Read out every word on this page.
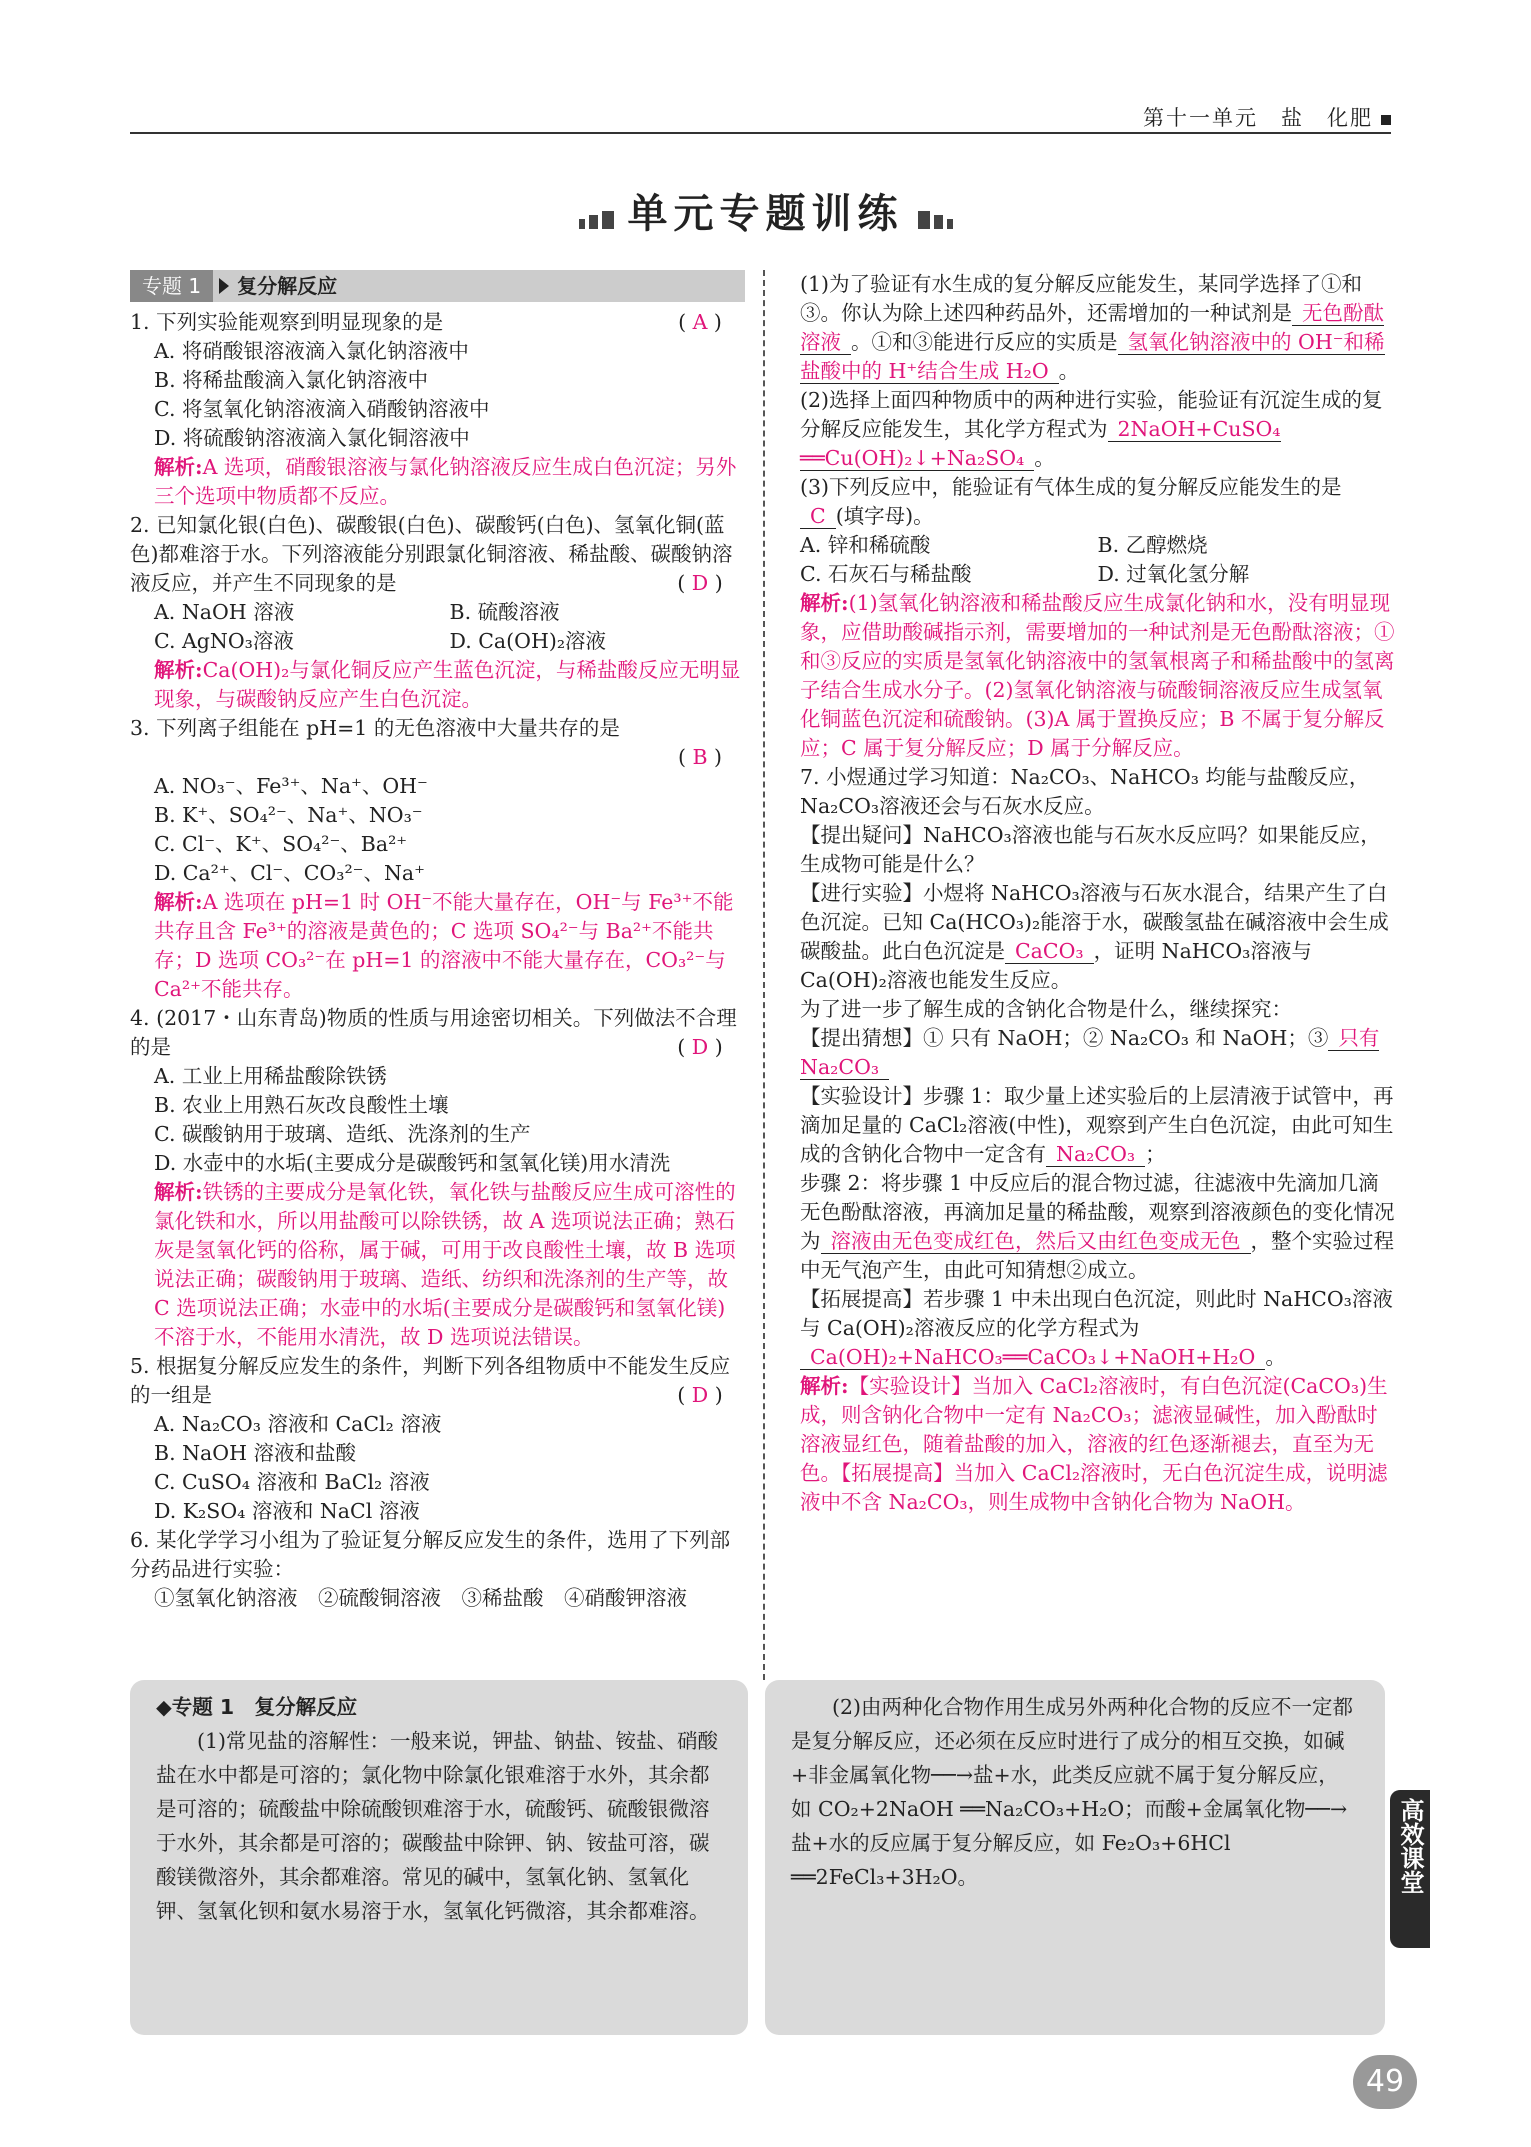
第十一单元　盐　化肥
单元专题训练
专题 1	复分解反应
( A )
1. 下列实验能观察到明显现象的是
A. 将硝酸银溶液滴入氯化钠溶液中
B. 将稀盐酸滴入氯化钠溶液中
C. 将氢氧化钠溶液滴入硝酸钠溶液中
D. 将硫酸钠溶液滴入氯化铜溶液中
解析:A 选项，硝酸银溶液与氯化钠溶液反应生成白色沉淀；另外三个选项中物质都不反应。
2. 已知氯化银(白色)、碳酸银(白色)、碳酸钙(白色)、氢氧化铜(蓝色)都难溶于水。下列溶液能分别跟氯化铜溶液、稀盐酸、碳酸钠溶液反应，并产生不同现象的是	( D )
A. NaOH 溶液	B. 硫酸溶液
C. AgNO₃溶液	D. Ca(OH)₂溶液
解析:Ca(OH)₂与氯化铜反应产生蓝色沉淀，与稀盐酸反应无明显现象，与碳酸钠反应产生白色沉淀。
3. 下列离子组能在 pH=1 的无色溶液中大量共存的是
( B )
A. NO₃⁻、Fe³⁺、Na⁺、OH⁻
B. K⁺、SO₄²⁻、Na⁺、NO₃⁻
C. Cl⁻、K⁺、SO₄²⁻、Ba²⁺
D. Ca²⁺、Cl⁻、CO₃²⁻、Na⁺
解析:A 选项在 pH=1 时 OH⁻不能大量存在，OH⁻与 Fe³⁺不能共存且含 Fe³⁺的溶液是黄色的；C 选项 SO₄²⁻与 Ba²⁺不能共存；D 选项 CO₃²⁻在 pH=1 的溶液中不能大量存在，CO₃²⁻与 Ca²⁺不能共存。
4. (2017・山东青岛)物质的性质与用途密切相关。下列做法不合理的是	( D )
A. 工业上用稀盐酸除铁锈
B. 农业上用熟石灰改良酸性土壤
C. 碳酸钠用于玻璃、造纸、洗涤剂的生产
D. 水壶中的水垢(主要成分是碳酸钙和氢氧化镁)用水清洗
解析:铁锈的主要成分是氧化铁，氧化铁与盐酸反应生成可溶性的氯化铁和水，所以用盐酸可以除铁锈，故 A 选项说法正确；熟石灰是氢氧化钙的俗称，属于碱，可用于改良酸性土壤，故 B 选项说法正确；碳酸钠用于玻璃、造纸、纺织和洗涤剂的生产等，故 C 选项说法正确；水壶中的水垢(主要成分是碳酸钙和氢氧化镁)不溶于水，不能用水清洗，故 D 选项说法错误。
5. 根据复分解反应发生的条件，判断下列各组物质中不能发生反应的一组是	( D )
A. Na₂CO₃ 溶液和 CaCl₂ 溶液
B. NaOH 溶液和盐酸
C. CuSO₄ 溶液和 BaCl₂ 溶液
D. K₂SO₄ 溶液和 NaCl 溶液
6. 某化学学习小组为了验证复分解反应发生的条件，选用了下列部分药品进行实验：
①氢氧化钠溶液　②硫酸铜溶液　③稀盐酸　④硝酸钾溶液
(1)为了验证有水生成的复分解反应能发生，某同学选择了①和③。你认为除上述四种药品外，还需增加的一种试剂是 无色酚酞溶液 。①和③能进行反应的实质是 氢氧化钠溶液中的 OH⁻和稀盐酸中的 H⁺结合生成 H₂O 。
(2)选择上面四种物质中的两种进行实验，能验证有沉淀生成的复分解反应能发生，其化学方程式为 2NaOH+CuSO₄ ══Cu(OH)₂↓+Na₂SO₄ 。
(3)下列反应中，能验证有气体生成的复分解反应能发生的是C (填字母)。
A. 锌和稀硫酸	B. 乙醇燃烧
C. 石灰石与稀盐酸	D. 过氧化氢分解
解析:(1)氢氧化钠溶液和稀盐酸反应生成氯化钠和水，没有明显现象，应借助酸碱指示剂，需要增加的一种试剂是无色酚酞溶液；①和③反应的实质是氢氧化钠溶液中的氢氧根离子和稀盐酸中的氢离子结合生成水分子。(2)氢氧化钠溶液与硫酸铜溶液反应生成氢氧化铜蓝色沉淀和硫酸钠。(3)A 属于置换反应；B 不属于复分解反应；C 属于复分解反应；D 属于分解反应。
7. 小煜通过学习知道：Na₂CO₃、NaHCO₃ 均能与盐酸反应，Na₂CO₃溶液还会与石灰水反应。
【提出疑问】NaHCO₃溶液也能与石灰水反应吗？如果能反应，生成物可能是什么？
【进行实验】小煜将 NaHCO₃溶液与石灰水混合，结果产生了白色沉淀。已知 Ca(HCO₃)₂能溶于水，碳酸氢盐在碱溶液中会生成碳酸盐。此白色沉淀是 CaCO₃ ，证明 NaHCO₃溶液与 Ca(OH)₂溶液也能发生反应。
为了进一步了解生成的含钠化合物是什么，继续探究：
【提出猜想】① 只有 NaOH；② Na₂CO₃ 和 NaOH；③ 只有 Na₂CO₃
【实验设计】步骤 1：取少量上述实验后的上层清液于试管中，再滴加足量的 CaCl₂溶液(中性)，观察到产生白色沉淀，由此可知生成的含钠化合物中一定含有 Na₂CO₃ ；
步骤 2：将步骤 1 中反应后的混合物过滤，往滤液中先滴加几滴无色酚酞溶液，再滴加足量的稀盐酸，观察到溶液颜色的变化情况为 溶液由无色变成红色，然后又由红色变成无色 ，整个实验过程中无气泡产生，由此可知猜想②成立。
【拓展提高】若步骤 1 中未出现白色沉淀，则此时 NaHCO₃溶液与 Ca(OH)₂溶液反应的化学方程式为Ca(OH)₂+NaHCO₃══CaCO₃↓+NaOH+H₂O 。
解析:【实验设计】当加入 CaCl₂溶液时，有白色沉淀(CaCO₃)生成，则含钠化合物中一定有 Na₂CO₃；滤液显碱性，加入酚酞时溶液显红色，随着盐酸的加入，溶液的红色逐渐褪去，直至为无色。【拓展提高】当加入 CaCl₂溶液时，无白色沉淀生成，说明滤液中不含 Na₂CO₃，则生成物中含钠化合物为 NaOH。
◆专题 1　复分解反应
(1)常见盐的溶解性：一般来说，钾盐、钠盐、铵盐、硝酸盐在水中都是可溶的；氯化物中除氯化银难溶于水外，其余都是可溶的；硫酸盐中除硫酸钡难溶于水，硫酸钙、硫酸银微溶于水外，其余都是可溶的；碳酸盐中除钾、钠、铵盐可溶，碳酸镁微溶外，其余都难溶。常见的碱中，氢氧化钠、氢氧化钾、氢氧化钡和氨水易溶于水，氢氧化钙微溶，其余都难溶。
(2)由两种化合物作用生成另外两种化合物的反应不一定都是复分解反应，还必须在反应时进行了成分的相互交换，如碱+非金属氧化物──→盐+水，此类反应就不属于复分解反应，如 CO₂+2NaOH ══Na₂CO₃+H₂O；而酸+金属氧化物──→盐+水的反应属于复分解反应，如 Fe₂O₃+6HCl ══2FeCl₃+3H₂O。	高效课堂
49
